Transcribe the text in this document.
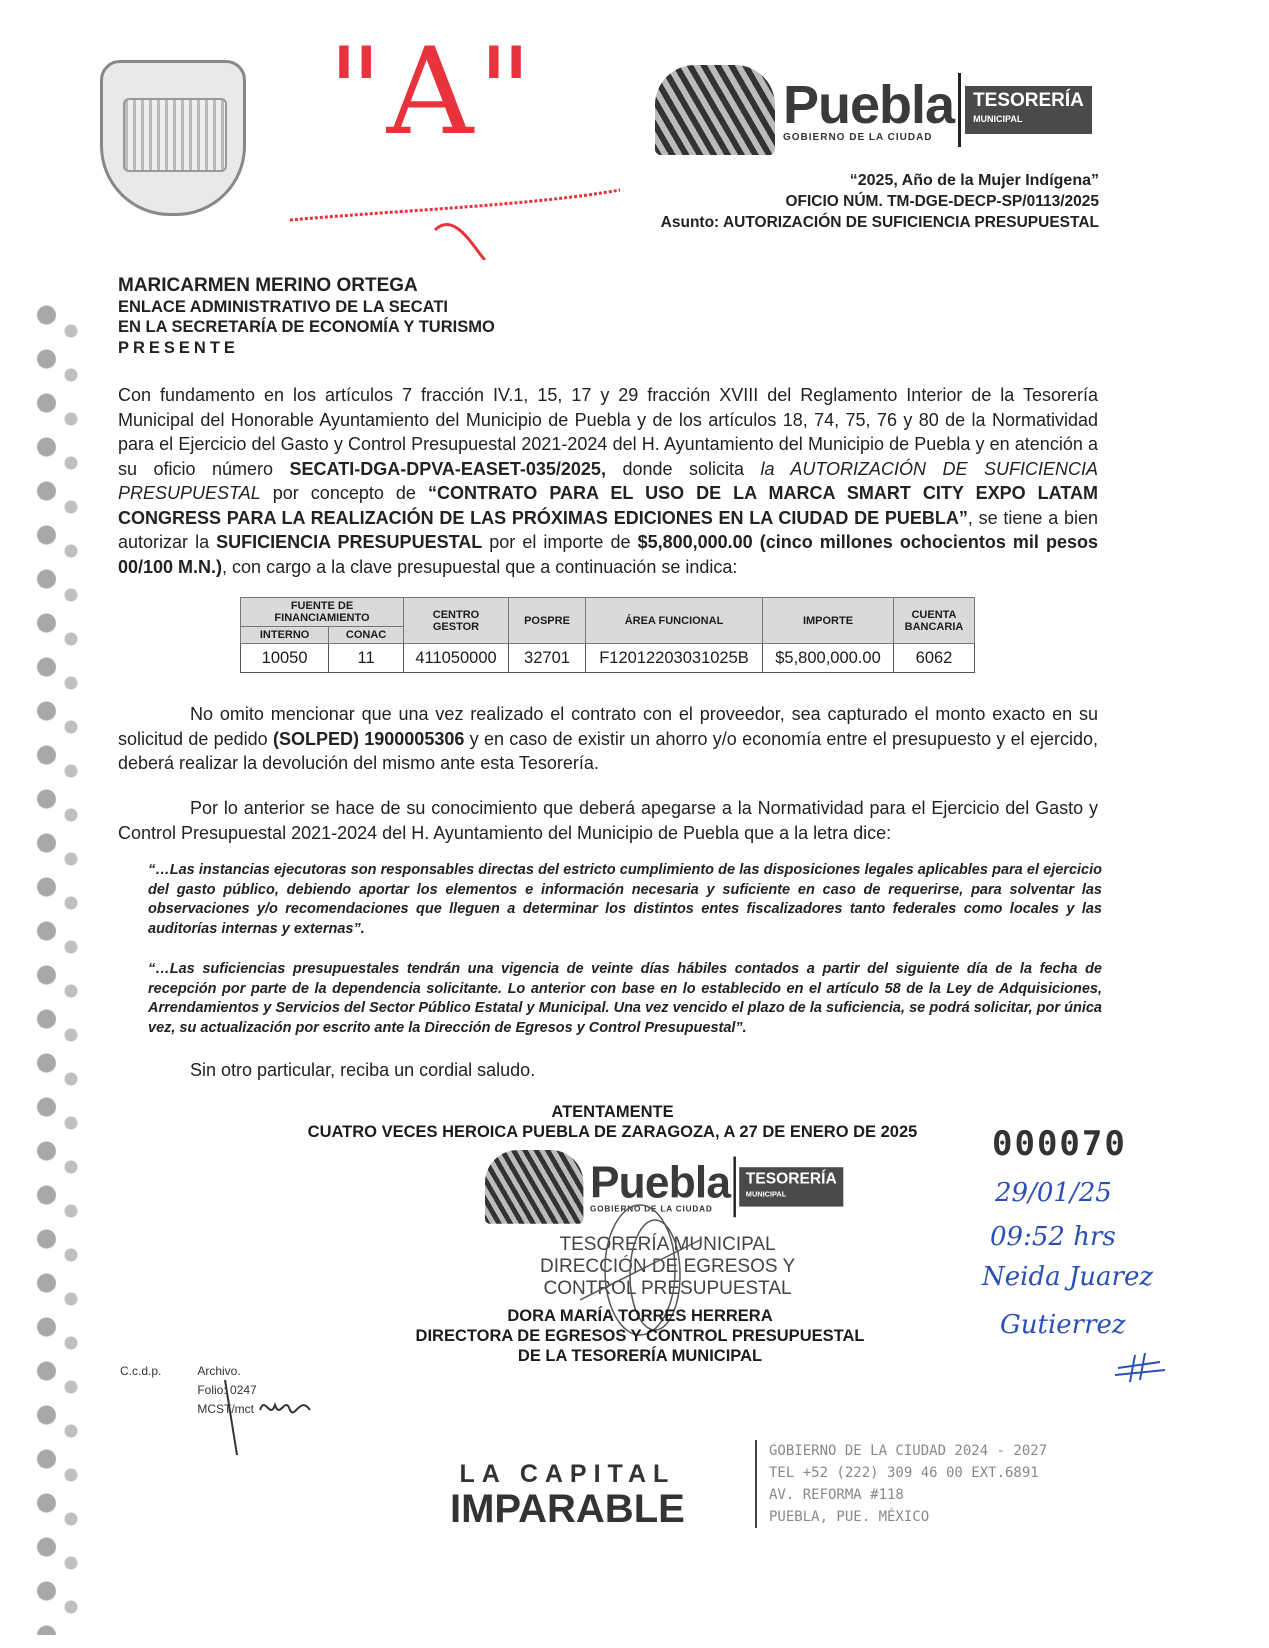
"A"	Puebla
GOBIERNO DE LA CIUDAD
TESORERÍA
MUNICIPAL
“2025, Año de la Mujer Indígena”
OFICIO NÚM. TM-DGE-DECP-SP/0113/2025
Asunto: AUTORIZACIÓN DE SUFICIENCIA PRESUPUESTAL
MARICARMEN MERINO ORTEGA
ENLACE ADMINISTRATIVO DE LA SECATI
EN LA SECRETARÍA DE ECONOMÍA Y TURISMO
PRESENTE
Con fundamento en los artículos 7 fracción IV.1, 15, 17 y 29 fracción XVIII del Reglamento Interior de la Tesorería Municipal del Honorable Ayuntamiento del Municipio de Puebla y de los artículos 18, 74, 75, 76 y 80 de la Normatividad para el Ejercicio del Gasto y Control Presupuestal 2021-2024 del H. Ayuntamiento del Municipio de Puebla y en atención a su oficio número SECATI-DGA-DPVA-EASET-035/2025, donde solicita la AUTORIZACIÓN DE SUFICIENCIA PRESUPUESTAL por concepto de “CONTRATO PARA EL USO DE LA MARCA SMART CITY EXPO LATAM CONGRESS PARA LA REALIZACIÓN DE LAS PRÓXIMAS EDICIONES EN LA CIUDAD DE PUEBLA”, se tiene a bien autorizar la SUFICIENCIA PRESUPUESTAL por el importe de $5,800,000.00 (cinco millones ochocientos mil pesos 00/100 M.N.), con cargo a la clave presupuestal que a continuación se indica:
FUENTE DE FINANCIAMIENTO		CENTRO GESTOR	POSPRE	ÁREA FUNCIONAL	IMPORTE	CUENTA BANCARIA
INTERNO	CONAC					
10050	11	411050000	32701	F12012203031025B	$5,800,000.00	6062
No omito mencionar que una vez realizado el contrato con el proveedor, sea capturado el monto exacto en su solicitud de pedido (SOLPED) 1900005306 y en caso de existir un ahorro y/o economía entre el presupuesto y el ejercido, deberá realizar la devolución del mismo ante esta Tesorería.
Por lo anterior se hace de su conocimiento que deberá apegarse a la Normatividad para el Ejercicio del Gasto y Control Presupuestal 2021-2024 del H. Ayuntamiento del Municipio de Puebla que a la letra dice:
“…Las instancias ejecutoras son responsables directas del estricto cumplimiento de las disposiciones legales aplicables para el ejercicio del gasto público, debiendo aportar los elementos e información necesaria y suficiente en caso de requerirse, para solventar las observaciones y/o recomendaciones que lleguen a determinar los distintos entes fiscalizadores tanto federales como locales y las auditorías internas y externas”.
“…Las suficiencias presupuestales tendrán una vigencia de veinte días hábiles contados a partir del siguiente día de la fecha de recepción por parte de la dependencia solicitante. Lo anterior con base en lo establecido en el artículo 58 de la Ley de Adquisiciones, Arrendamientos y Servicios del Sector Público Estatal y Municipal. Una vez vencido el plazo de la suficiencia, se podrá solicitar, por única vez, su actualización por escrito ante la Dirección de Egresos y Control Presupuestal”.
Sin otro particular, reciba un cordial saludo.
ATENTAMENTE
CUATRO VECES HEROICA PUEBLA DE ZARAGOZA, A 27 DE ENERO DE 2025
Puebla
GOBIERNO DE LA CIUDAD
TESORERÍA
MUNICIPAL
TESORERÍA MUNICIPAL
DIRECCIÓN DE EGRESOS Y
CONTROL PRESUPUESTAL
DORA MARÍA TORRES HERRERA
DIRECTORA DE EGRESOS Y CONTROL PRESUPUESTAL
DE LA TESORERÍA MUNICIPAL
000070
29/01/25
09:52 hrs
Neida Juarez
Gutierrez
C.c.d.p.	Archivo.
Folio: 0247
MCST/mct
LA CAPITAL
IMPARABLE
GOBIERNO DE LA CIUDAD 2024 - 2027
TEL +52 (222) 309 46 00 EXT.6891
AV. REFORMA #118
PUEBLA, PUE. MÉXICO
